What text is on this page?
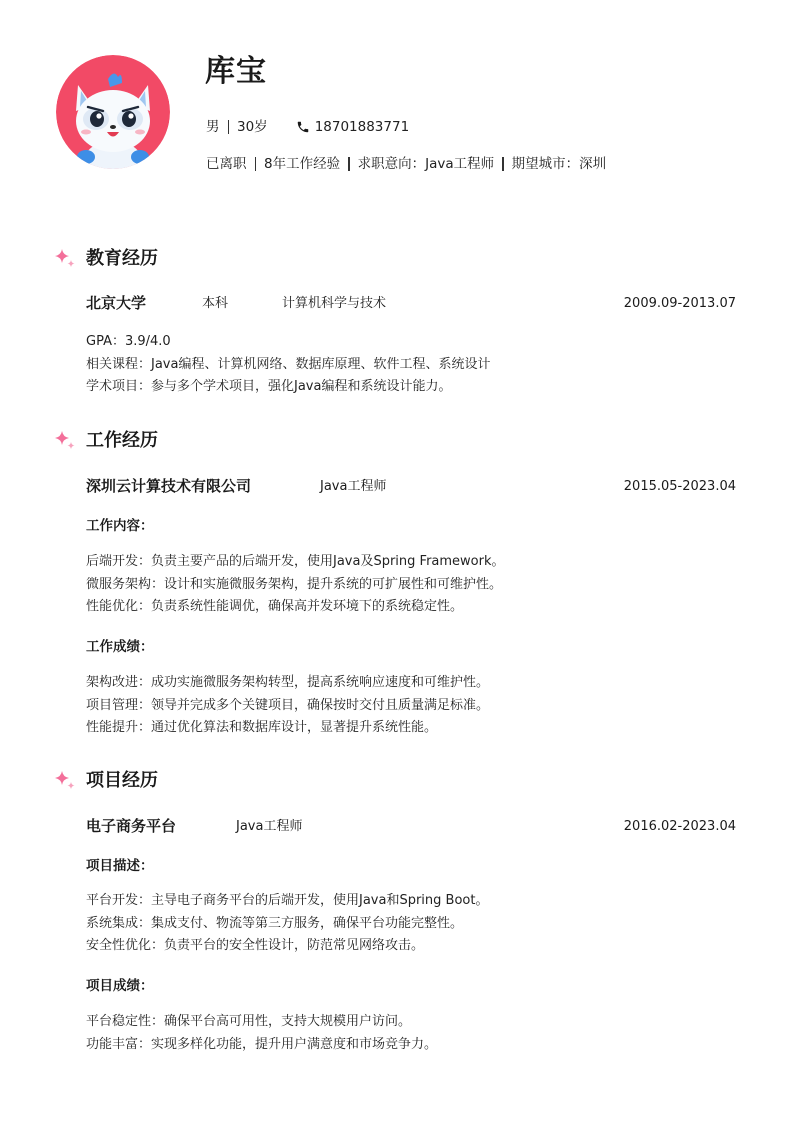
库宝
男 30岁	18701883771
已离职 8年工作经验 求职意向：Java工程师 期望城市：深圳
教育经历
北京大学	本科	计算机科学与技术	2009.09-2013.07
GPA：3.9/4.0
相关课程：Java编程、计算机网络、数据库原理、软件工程、系统设计
学术项目：参与多个学术项目，强化Java编程和系统设计能力。
工作经历
深圳云计算技术有限公司	Java工程师	2015.05-2023.04
工作内容：
后端开发：负责主要产品的后端开发，使用Java及Spring Framework。
微服务架构：设计和实施微服务架构，提升系统的可扩展性和可维护性。
性能优化：负责系统性能调优，确保高并发环境下的系统稳定性。
工作成绩：
架构改进：成功实施微服务架构转型，提高系统响应速度和可维护性。
项目管理：领导并完成多个关键项目，确保按时交付且质量满足标准。
性能提升：通过优化算法和数据库设计，显著提升系统性能。
项目经历
电子商务平台	Java工程师	2016.02-2023.04
项目描述：
平台开发：主导电子商务平台的后端开发，使用Java和Spring Boot。
系统集成：集成支付、物流等第三方服务，确保平台功能完整性。
安全性优化：负责平台的安全性设计，防范常见网络攻击。
项目成绩：
平台稳定性：确保平台高可用性，支持大规模用户访问。
功能丰富：实现多样化功能，提升用户满意度和市场竞争力。
